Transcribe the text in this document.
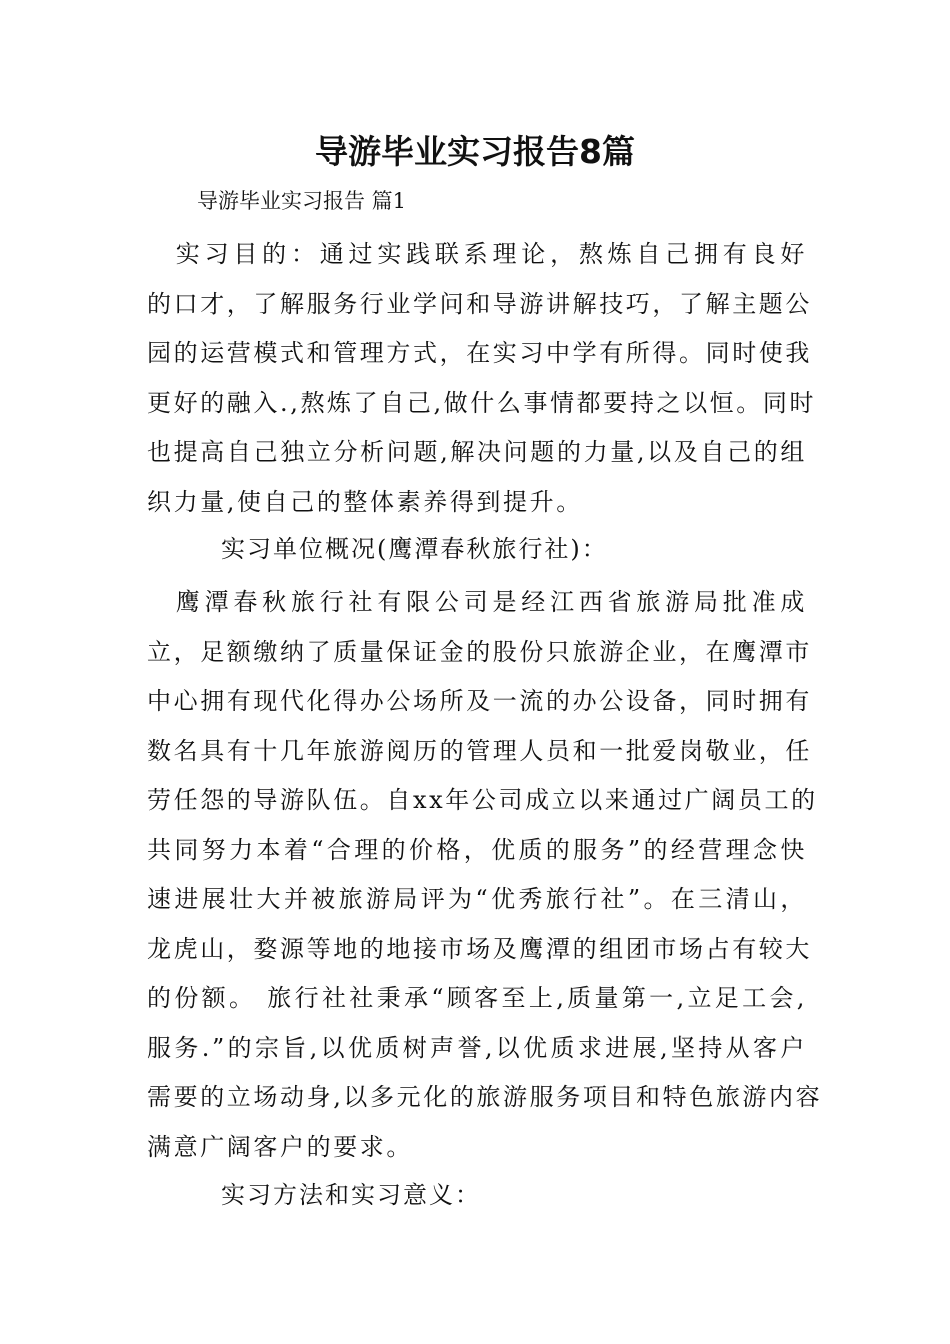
导游毕业实习报告8篇

导游毕业实习报告 篇1

　实习目的：通过实践联系理论，熬炼自己拥有良好
的口才，了解服务行业学问和导游讲解技巧，了解主题公
园的运营模式和管理方式，在实习中学有所得。同时使我
更好的融入.,熬炼了自己,做什么事情都要持之以恒。同时
也提高自己独立分析问题,解决问题的力量,以及自己的组
织力量,使自己的整体素养得到提升。

实习单位概况(鹰潭春秋旅行社)：

　鹰潭春秋旅行社有限公司是经江西省旅游局批准成
立，足额缴纳了质量保证金的股份只旅游企业，在鹰潭市
中心拥有现代化得办公场所及一流的办公设备，同时拥有
数名具有十几年旅游阅历的管理人员和一批爱岗敬业，任
劳任怨的导游队伍。自xx年公司成立以来通过广阔员工的
共同努力本着“合理的价格，优质的服务”的经营理念快
速进展壮大并被旅游局评为“优秀旅行社”。在三清山，
龙虎山，婺源等地的地接市场及鹰潭的组团市场占有较大
的份额。 旅行社社秉承“顾客至上,质量第一,立足工会,
服务.”的宗旨,以优质树声誉,以优质求进展,坚持从客户
需要的立场动身,以多元化的旅游服务项目和特色旅游内容
满意广阔客户的要求。

实习方法和实习意义：
